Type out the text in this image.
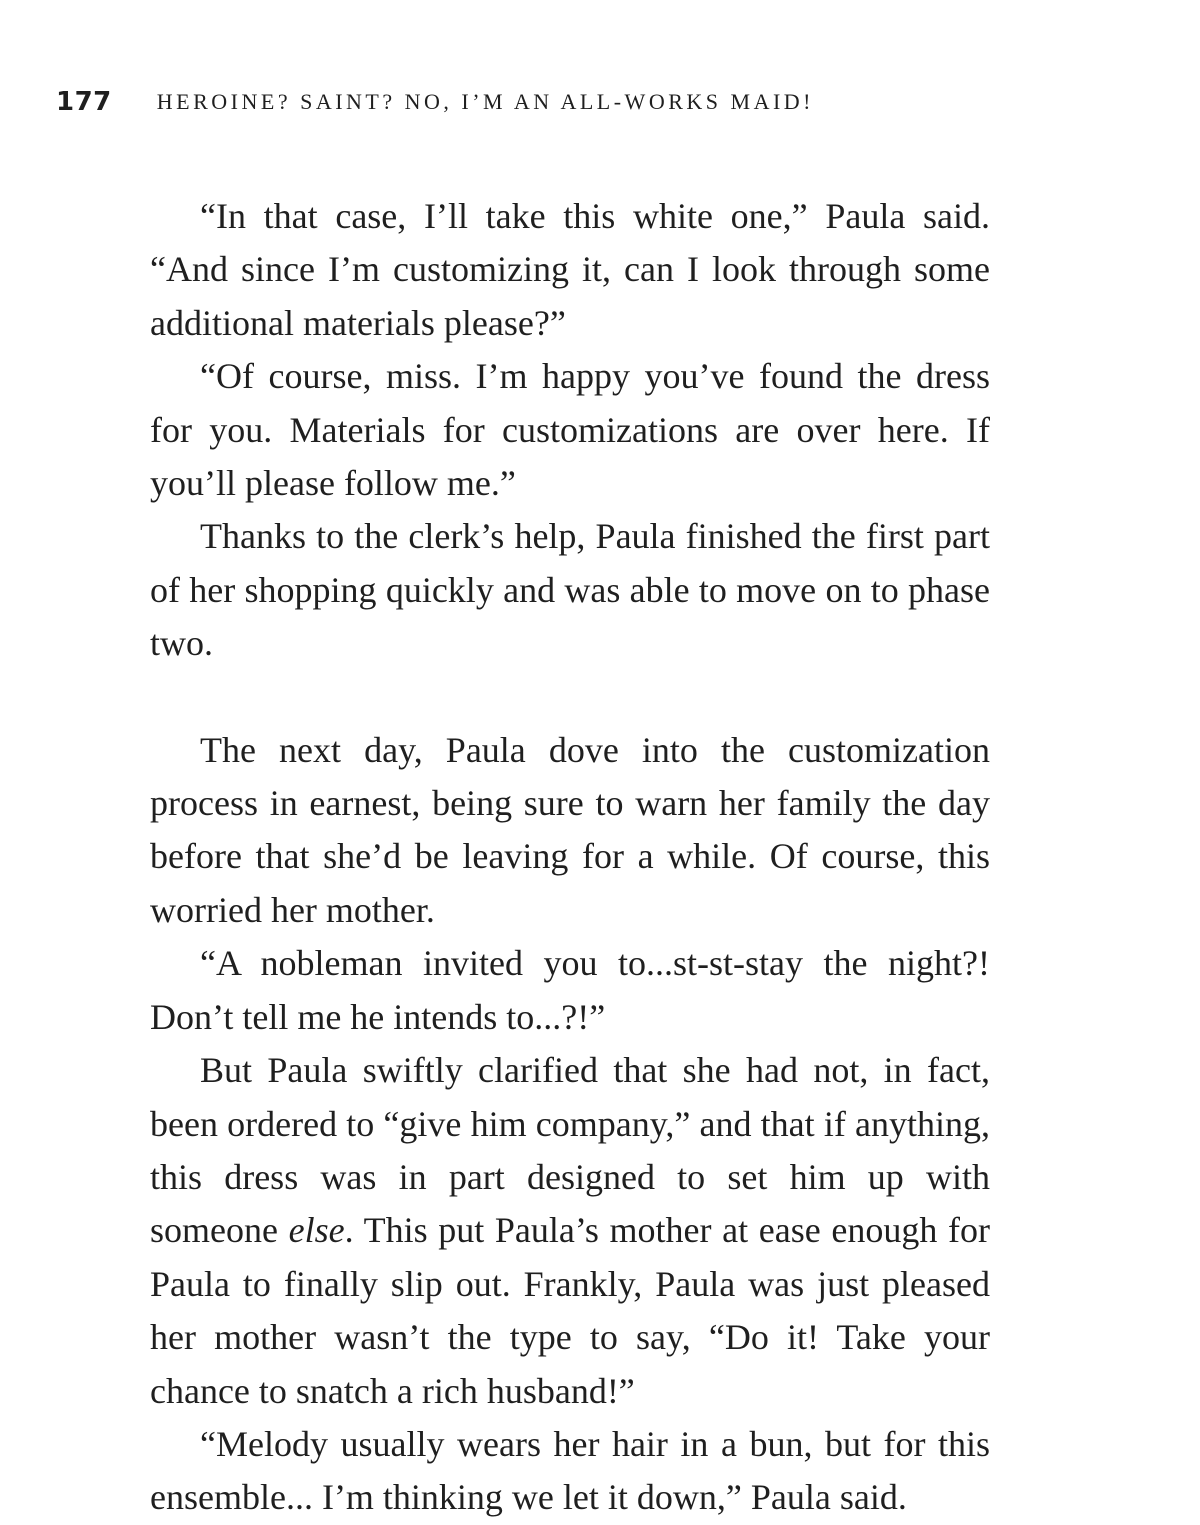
177 HEROINE? SAINT? NO, I’M AN ALL-WORKS MAID!

“In that case, I’ll take this white one,” Paula said. “And since I’m customizing it, can I look through some additional materials please?”

“Of course, miss. I’m happy you’ve found the dress for you. Materials for customizations are over here. If you’ll please follow me.”

Thanks to the clerk’s help, Paula finished the first part of her shopping quickly and was able to move on to phase two.

The next day, Paula dove into the customization process in earnest, being sure to warn her family the day before that she’d be leaving for a while. Of course, this worried her mother.

“A nobleman invited you to...st-st-stay the night?! Don’t tell me he intends to...?!”

But Paula swiftly clarified that she had not, in fact, been ordered to “give him company,” and that if anything, this dress was in part designed to set him up with someone else. This put Paula’s mother at ease enough for Paula to finally slip out. Frankly, Paula was just pleased her mother wasn’t the type to say, “Do it! Take your chance to snatch a rich husband!”

“Melody usually wears her hair in a bun, but for this ensemble... I’m thinking we let it down,” Paula said.
